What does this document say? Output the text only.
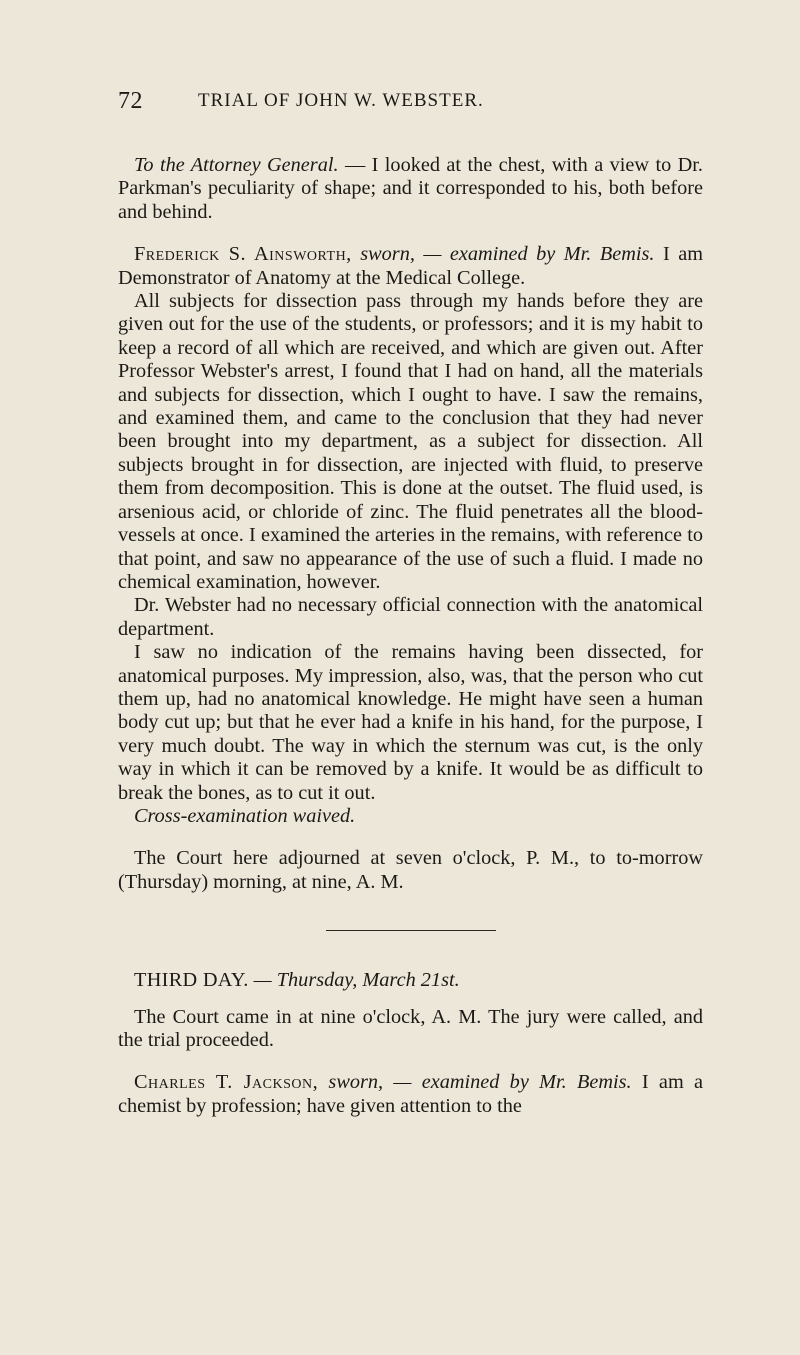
72	TRIAL OF JOHN W. WEBSTER.

To the Attorney General. — I looked at the chest, with a view to Dr. Parkman's peculiarity of shape; and it corresponded to his, both before and behind.

Frederick S. Ainsworth, sworn, — examined by Mr. Bemis. I am Demonstrator of Anatomy at the Medical College.

All subjects for dissection pass through my hands before they are given out for the use of the students, or professors; and it is my habit to keep a record of all which are received, and which are given out. After Professor Webster's arrest, I found that I had on hand, all the materials and subjects for dissection, which I ought to have. I saw the remains, and examined them, and came to the conclusion that they had never been brought into my department, as a subject for dissection. All subjects brought in for dissection, are injected with fluid, to preserve them from decomposition. This is done at the outset. The fluid used, is arsenious acid, or chloride of zinc. The fluid penetrates all the blood-vessels at once. I examined the arteries in the remains, with reference to that point, and saw no appearance of the use of such a fluid. I made no chemical examination, however.

Dr. Webster had no necessary official connection with the anatomical department.

I saw no indication of the remains having been dissected, for anatomical purposes. My impression, also, was, that the person who cut them up, had no anatomical knowledge. He might have seen a human body cut up; but that he ever had a knife in his hand, for the purpose, I very much doubt. The way in which the sternum was cut, is the only way in which it can be removed by a knife. It would be as difficult to break the bones, as to cut it out.

Cross-examination waived.

The Court here adjourned at seven o'clock, P. M., to to-morrow (Thursday) morning, at nine, A. M.

THIRD DAY. — Thursday, March 21st.

The Court came in at nine o'clock, A. M. The jury were called, and the trial proceeded.

Charles T. Jackson, sworn, — examined by Mr. Bemis. I am a chemist by profession; have given attention to the
